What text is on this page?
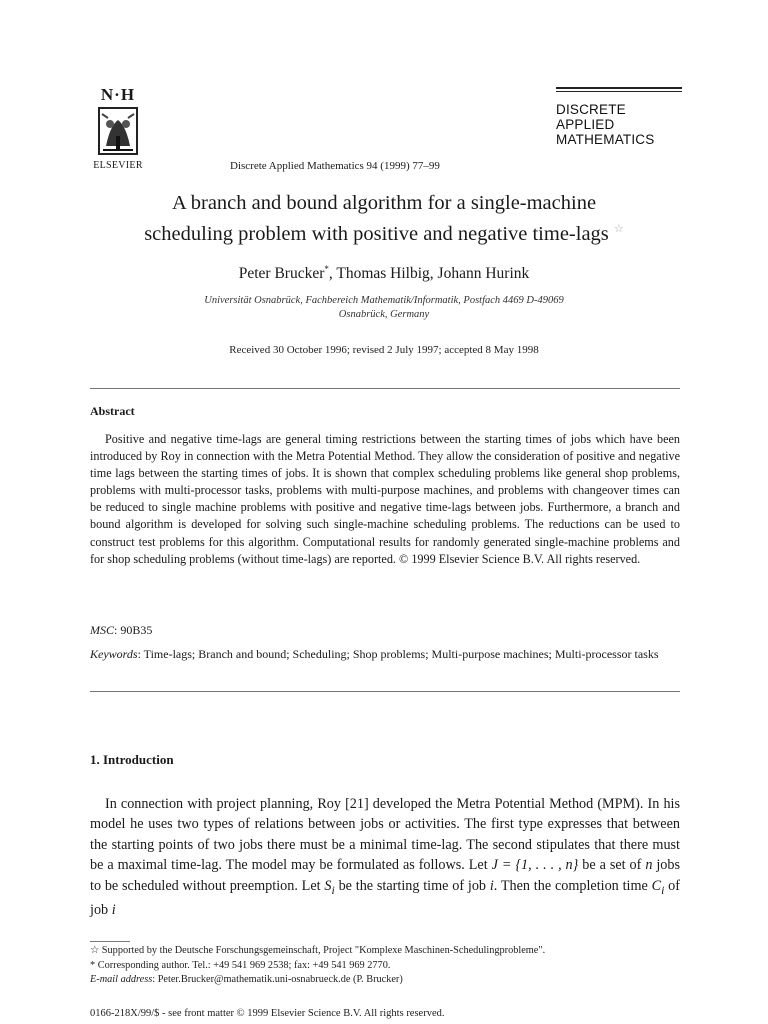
N·H
ELSEVIER	Discrete Applied Mathematics 94 (1999) 77–99
DISCRETE
APPLIED
MATHEMATICS
A branch and bound algorithm for a single-machine
scheduling problem with positive and negative time-lags ☆
Peter Brucker*, Thomas Hilbig, Johann Hurink
Universität Osnabrück, Fachbereich Mathematik/Informatik, Postfach 4469 D-49069
Osnabrück, Germany
Received 30 October 1996; revised 2 July 1997; accepted 8 May 1998
Abstract
Positive and negative time-lags are general timing restrictions between the starting times of jobs which have been introduced by Roy in connection with the Metra Potential Method. They allow the consideration of positive and negative time lags between the starting times of jobs. It is shown that complex scheduling problems like general shop problems, problems with multi-processor tasks, problems with multi-purpose machines, and problems with changeover times can be reduced to single machine problems with positive and negative time-lags between jobs. Furthermore, a branch and bound algorithm is developed for solving such single-machine scheduling problems. The reductions can be used to construct test problems for this algorithm. Computational results for randomly generated single-machine problems and for shop scheduling problems (without time-lags) are reported. © 1999 Elsevier Science B.V. All rights reserved.
MSC: 90B35
Keywords: Time-lags; Branch and bound; Scheduling; Shop problems; Multi-purpose machines; Multi-processor tasks
1. Introduction
In connection with project planning, Roy [21] developed the Metra Potential Method (MPM). In his model he uses two types of relations between jobs or activities. The first type expresses that between the starting points of two jobs there must be a minimal time-lag. The second stipulates that there must be a maximal time-lag. The model may be formulated as follows. Let J = {1, . . . , n} be a set of n jobs to be scheduled without preemption. Let $S_i$ be the starting time of job i. Then the completion time $C_i$ of job i
☆ Supported by the Deutsche Forschungsgemeinschaft, Project "Komplexe Maschinen-Schedulingprobleme".
* Corresponding author. Tel.: +49 541 969 2538; fax: +49 541 969 2770.
E-mail address: Peter.Brucker@mathematik.uni-osnabrueck.de (P. Brucker)
0166-218X/99/$ - see front matter © 1999 Elsevier Science B.V. All rights reserved.
